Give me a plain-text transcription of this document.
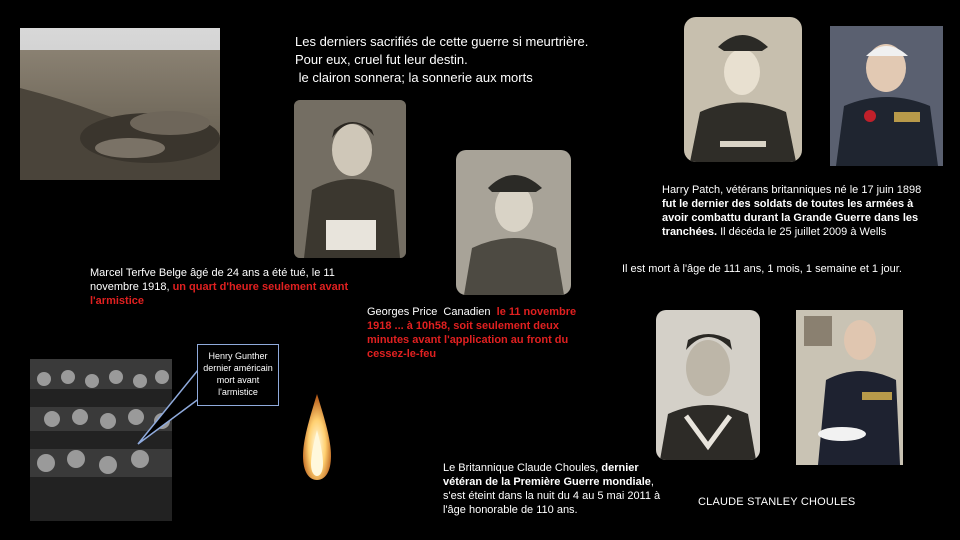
Les derniers sacrifiés de cette guerre si meurtrière.
Pour eux, cruel fut leur destin.
le clairon sonnera; la sonnerie aux morts
Harry Patch, vétérans britanniques né le 17 juin 1898 fut le dernier des soldats de toutes les armées à avoir combattu durant la Grande Guerre dans les tranchées. Il décéda le 25 juillet 2009 à Wells
Il est mort à l'âge de 111 ans, 1 mois, 1 semaine et 1 jour.
Marcel Terfve Belge âgé de 24 ans a été tué, le 11 novembre 1918, un quart d'heure seulement avant l'armistice
Georges Price  Canadien  le 11 novembre 1918 ... à 10h58, soit seulement deux minutes avant l'application au front du cessez-le-feu
Henry Gunther dernier américain mort avant l'armistice
Le Britannique Claude Choules, dernier vétéran de la Première Guerre mondiale, s'est éteint dans la nuit du 4 au 5 mai 2011 à l'âge honorable de 110 ans.
CLAUDE STANLEY CHOULES
